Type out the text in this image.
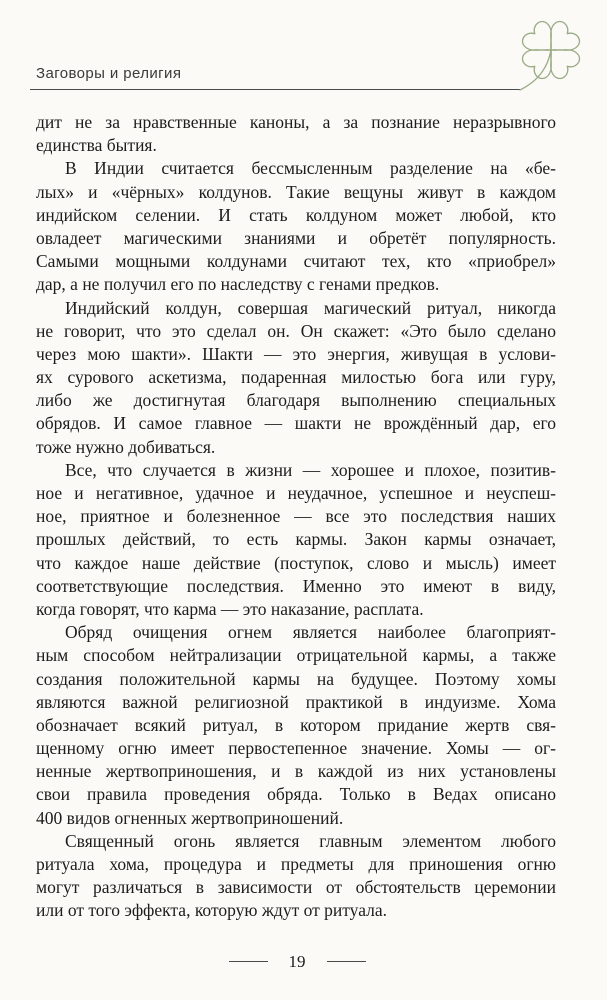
Заговоры и религия
дит не за нравственные каноны, а за познание неразрывного
единства бытия.
В Индии считается бессмысленным разделение на «бе-
лых» и «чёрных» колдунов. Такие вещуны живут в каждом
индийском селении. И стать колдуном может любой, кто
овладеет магическими знаниями и обретёт популярность.
Самыми мощными колдунами считают тех, кто «приобрел»
дар, а не получил его по наследству с генами предков.
Индийский колдун, совершая магический ритуал, никогда
не говорит, что это сделал он. Он скажет: «Это было сделано
через мою шакти». Шакти — это энергия, живущая в услови-
ях сурового аскетизма, подаренная милостью бога или гуру,
либо же достигнутая благодаря выполнению специальных
обрядов. И самое главное — шакти не врождённый дар, его
тоже нужно добиваться.
Все, что случается в жизни — хорошее и плохое, позитив-
ное и негативное, удачное и неудачное, успешное и неуспеш-
ное, приятное и болезненное — все это последствия наших
прошлых действий, то есть кармы. Закон кармы означает,
что каждое наше действие (поступок, слово и мысль) имеет
соответствующие последствия. Именно это имеют в виду,
когда говорят, что карма — это наказание, расплата.
Обряд очищения огнем является наиболее благоприят-
ным способом нейтрализации отрицательной кармы, а также
создания положительной кармы на будущее. Поэтому хомы
являются важной религиозной практикой в индуизме. Хома
обозначает всякий ритуал, в котором придание жертв свя-
щенному огню имеет первостепенное значение. Хомы — ог-
ненные жертвоприношения, и в каждой из них установлены
свои правила проведения обряда. Только в Ведах описано
400 видов огненных жертвоприношений.
Священный огонь является главным элементом любого
ритуала хома, процедура и предметы для приношения огню
могут различаться в зависимости от обстоятельств церемонии
или от того эффекта, которую ждут от ритуала.
19
